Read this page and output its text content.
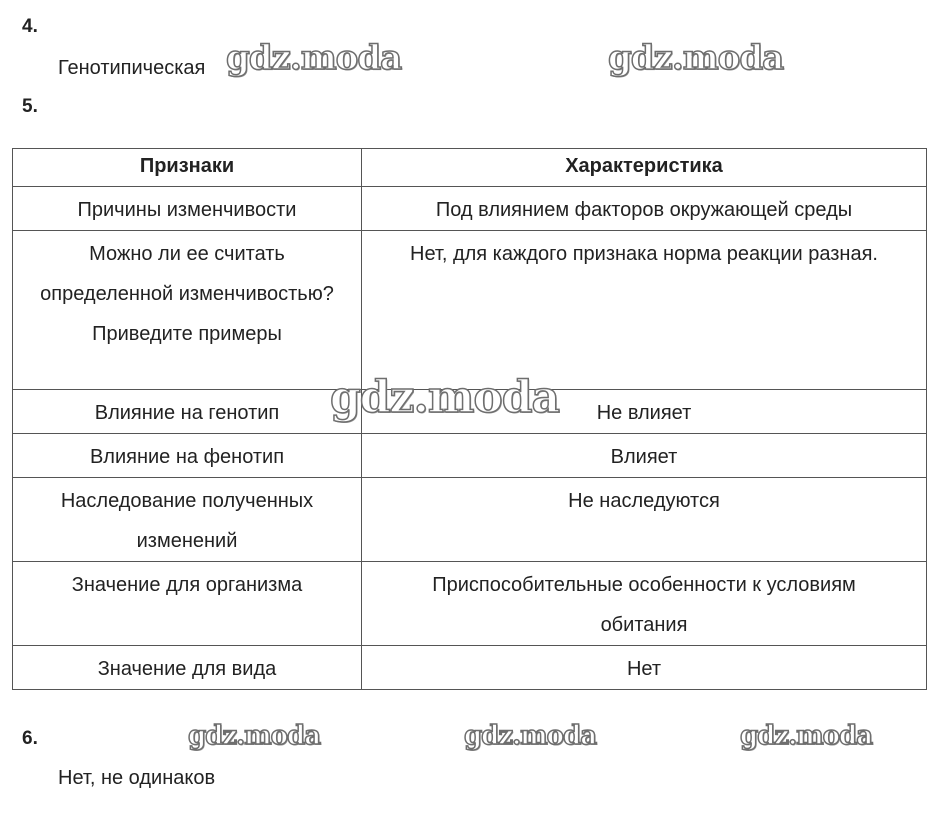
4.
Генотипическая
5.
Признаки	Характеристика
Причины изменчивости	Под влиянием факторов окружающей среды
Можно ли ее считать определенной изменчивостью? Приведите примеры	Нет, для каждого признака норма реакции разная.
Влияние на генотип	Не влияет
Влияние на фенотип	Влияет
Наследование полученных изменений	Не наследуются
Значение для организма	Приспособительные особенности к условиям обитания
Значение для вида	Нет
6.
Нет, не одинаков
gdz.moda	gdz.moda
gdz.moda
gdz.moda	gdz.moda	gdz.moda
